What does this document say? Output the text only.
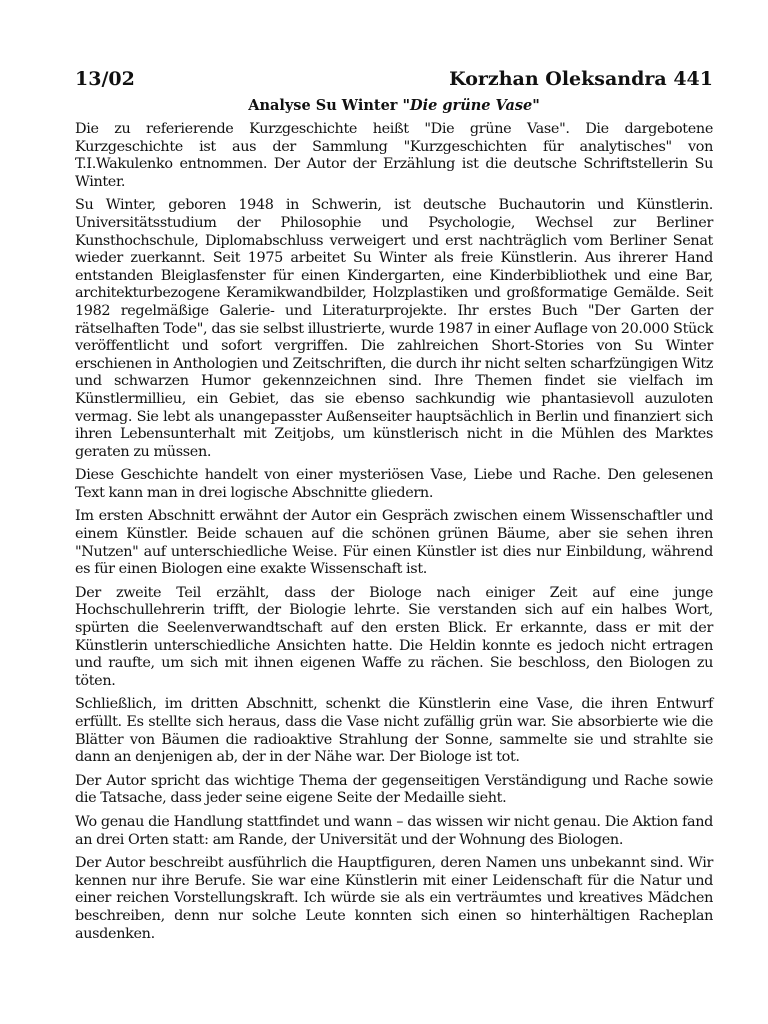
13/02	Korzhan Oleksandra 441
Analyse Su Winter "Die grüne Vase"

Die zu referierende Kurzgeschichte heißt "Die grüne Vase". Die dargebotene Kurzgeschichte ist aus der Sammlung "Kurzgeschichten für analytisches" von T.I.Wakulenko entnommen. Der Autor der Erzählung ist die deutsche Schriftstellerin Su Winter.

Su Winter, geboren 1948 in Schwerin, ist deutsche Buchautorin und Künstlerin. Universitätsstudium der Philosophie und Psychologie, Wechsel zur Berliner Kunsthochschule, Diplomabschluss verweigert und erst nachträglich vom Berliner Senat wieder zuerkannt. Seit 1975 arbeitet Su Winter als freie Künstlerin. Aus ihrerer Hand entstanden Bleiglasfenster für einen Kindergarten, eine Kinderbibliothek und eine Bar, architekturbezogene Keramikwandbilder, Holzplastiken und großformatige Gemälde. Seit 1982 regelmäßige Galerie- und Literaturprojekte. Ihr erstes Buch "Der Garten der rätselhaften Tode", das sie selbst illustrierte, wurde 1987 in einer Auflage von 20.000 Stück veröffentlicht und sofort vergriffen. Die zahlreichen Short-Stories von Su Winter erschienen in Anthologien und Zeitschriften, die durch ihr nicht selten scharfzüngigen Witz und schwarzen Humor gekennzeichnen sind. Ihre Themen findet sie vielfach im Künstlermillieu, ein Gebiet, das sie ebenso sachkundig wie phantasievoll auzuloten vermag. Sie lebt als unangepasster Außenseiter hauptsächlich in Berlin und finanziert sich ihren Lebensunterhalt mit Zeitjobs, um künstlerisch nicht in die Mühlen des Marktes geraten zu müssen.

Diese Geschichte handelt von einer mysteriösen Vase, Liebe und Rache. Den gelesenen Text kann man in drei logische Abschnitte gliedern.

Im ersten Abschnitt erwähnt der Autor ein Gespräch zwischen einem Wissenschaftler und einem Künstler. Beide schauen auf die schönen grünen Bäume, aber sie sehen ihren "Nutzen" auf unterschiedliche Weise. Für einen Künstler ist dies nur Einbildung, während es für einen Biologen eine exakte Wissenschaft ist.

Der zweite Teil erzählt, dass der Biologe nach einiger Zeit auf eine junge Hochschullehrerin trifft, der Biologie lehrte. Sie verstanden sich auf ein halbes Wort, spürten die Seelenverwandtschaft auf den ersten Blick. Er erkannte, dass er mit der Künstlerin unterschiedliche Ansichten hatte. Die Heldin konnte es jedoch nicht ertragen und raufte, um sich mit ihnen eigenen Waffe zu rächen. Sie beschloss, den Biologen zu töten.

Schließlich, im dritten Abschnitt, schenkt die Künstlerin eine Vase, die ihren Entwurf erfüllt. Es stellte sich heraus, dass die Vase nicht zufällig grün war. Sie absorbierte wie die Blätter von Bäumen die radioaktive Strahlung der Sonne, sammelte sie und strahlte sie dann an denjenigen ab, der in der Nähe war. Der Biologe ist tot.

Der Autor spricht das wichtige Thema der gegenseitigen Verständigung und Rache sowie die Tatsache, dass jeder seine eigene Seite der Medaille sieht.

Wo genau die Handlung stattfindet und wann – das wissen wir nicht genau. Die Aktion fand an drei Orten statt: am Rande, der Universität und der Wohnung des Biologen.

Der Autor beschreibt ausführlich die Hauptfiguren, deren Namen uns unbekannt sind. Wir kennen nur ihre Berufe. Sie war eine Künstlerin mit einer Leidenschaft für die Natur und einer reichen Vorstellungskraft. Ich würde sie als ein verträumtes und kreatives Mädchen beschreiben, denn nur solche Leute konnten sich einen so hinterhältigen Racheplan ausdenken.
